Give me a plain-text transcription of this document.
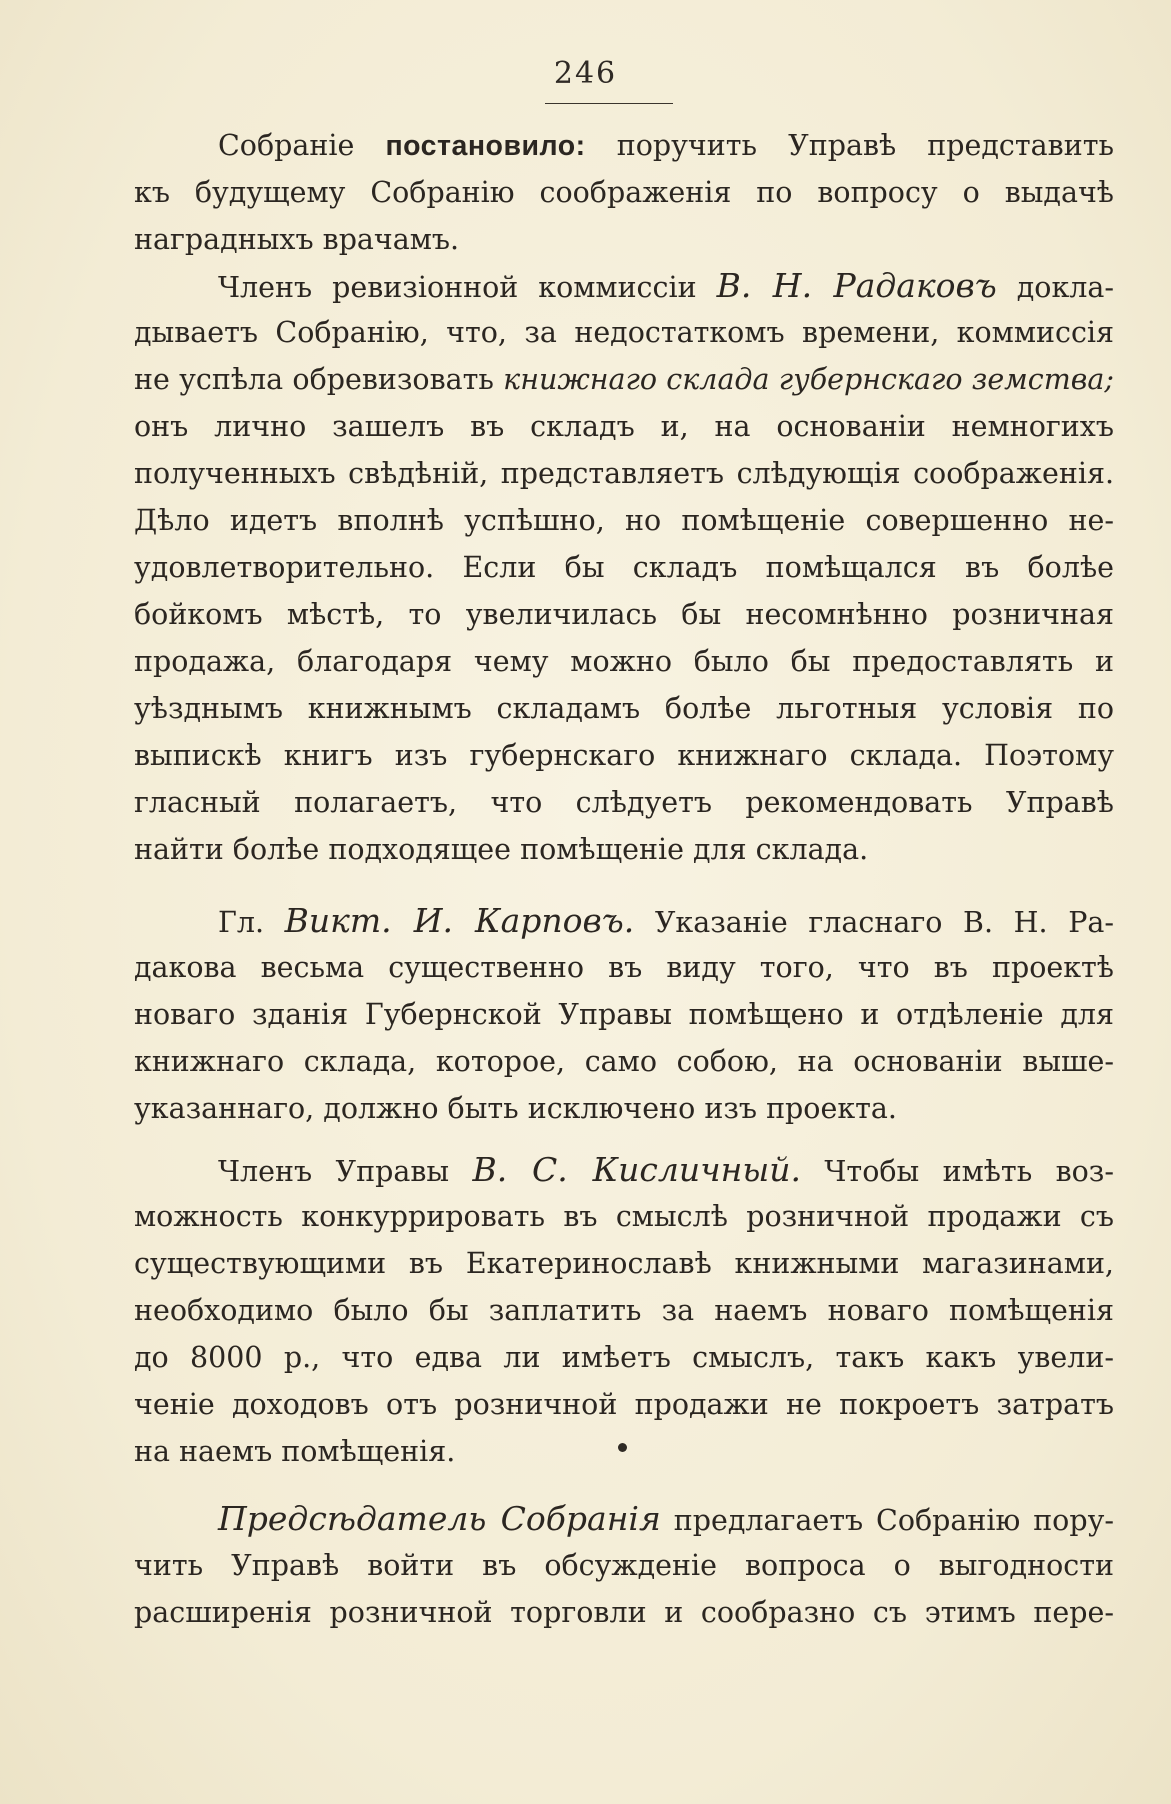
246
Собраніе постановило: поручить Управѣ представить
къ будущему Собранію соображенія по вопросу о выдачѣ
наградныхъ врачамъ.
Членъ ревизіонной коммиссіи В. Н. Радаковъ докла-
дываетъ Собранію, что, за недостаткомъ времени, коммиссія
не успѣла обревизовать книжнаго склада губернскаго земства;
онъ лично зашелъ въ складъ и, на основаніи немногихъ
полученныхъ свѣдѣній, представляетъ слѣдующія соображенія.
Дѣло идетъ вполнѣ успѣшно, но помѣщеніе совершенно не-
удовлетворительно. Если бы складъ помѣщался въ болѣе
бойкомъ мѣстѣ, то увеличилась бы несомнѣнно розничная
продажа, благодаря чему можно было бы предоставлять и
уѣзднымъ книжнымъ складамъ болѣе льготныя условія по
выпискѣ книгъ изъ губернскаго книжнаго склада. Поэтому
гласный полагаетъ, что слѣдуетъ рекомендовать Управѣ
найти болѣе подходящее помѣщеніе для склада.
Гл. Викт. И. Карповъ. Указаніе гласнаго В. Н. Ра-
дакова весьма существенно въ виду того, что въ проектѣ
новаго зданія Губернской Управы помѣщено и отдѣленіе для
книжнаго склада, которое, само собою, на основаніи выше-
указаннаго, должно быть исключено изъ проекта.
Членъ Управы В. С. Кисличный. Чтобы имѣть воз-
можность конкуррировать въ смыслѣ розничной продажи съ
существующими въ Екатеринославѣ книжными магазинами,
необходимо было бы заплатить за наемъ новаго помѣщенія
до 8000 р., что едва ли имѣетъ смыслъ, такъ какъ увели-
ченіе доходовъ отъ розничной продажи не покроетъ затратъ
на наемъ помѣщенія.
Предсѣдатель Собранія предлагаетъ Собранію пору-
чить Управѣ войти въ обсужденіе вопроса о выгодности
расширенія розничной торговли и сообразно съ этимъ пере-
